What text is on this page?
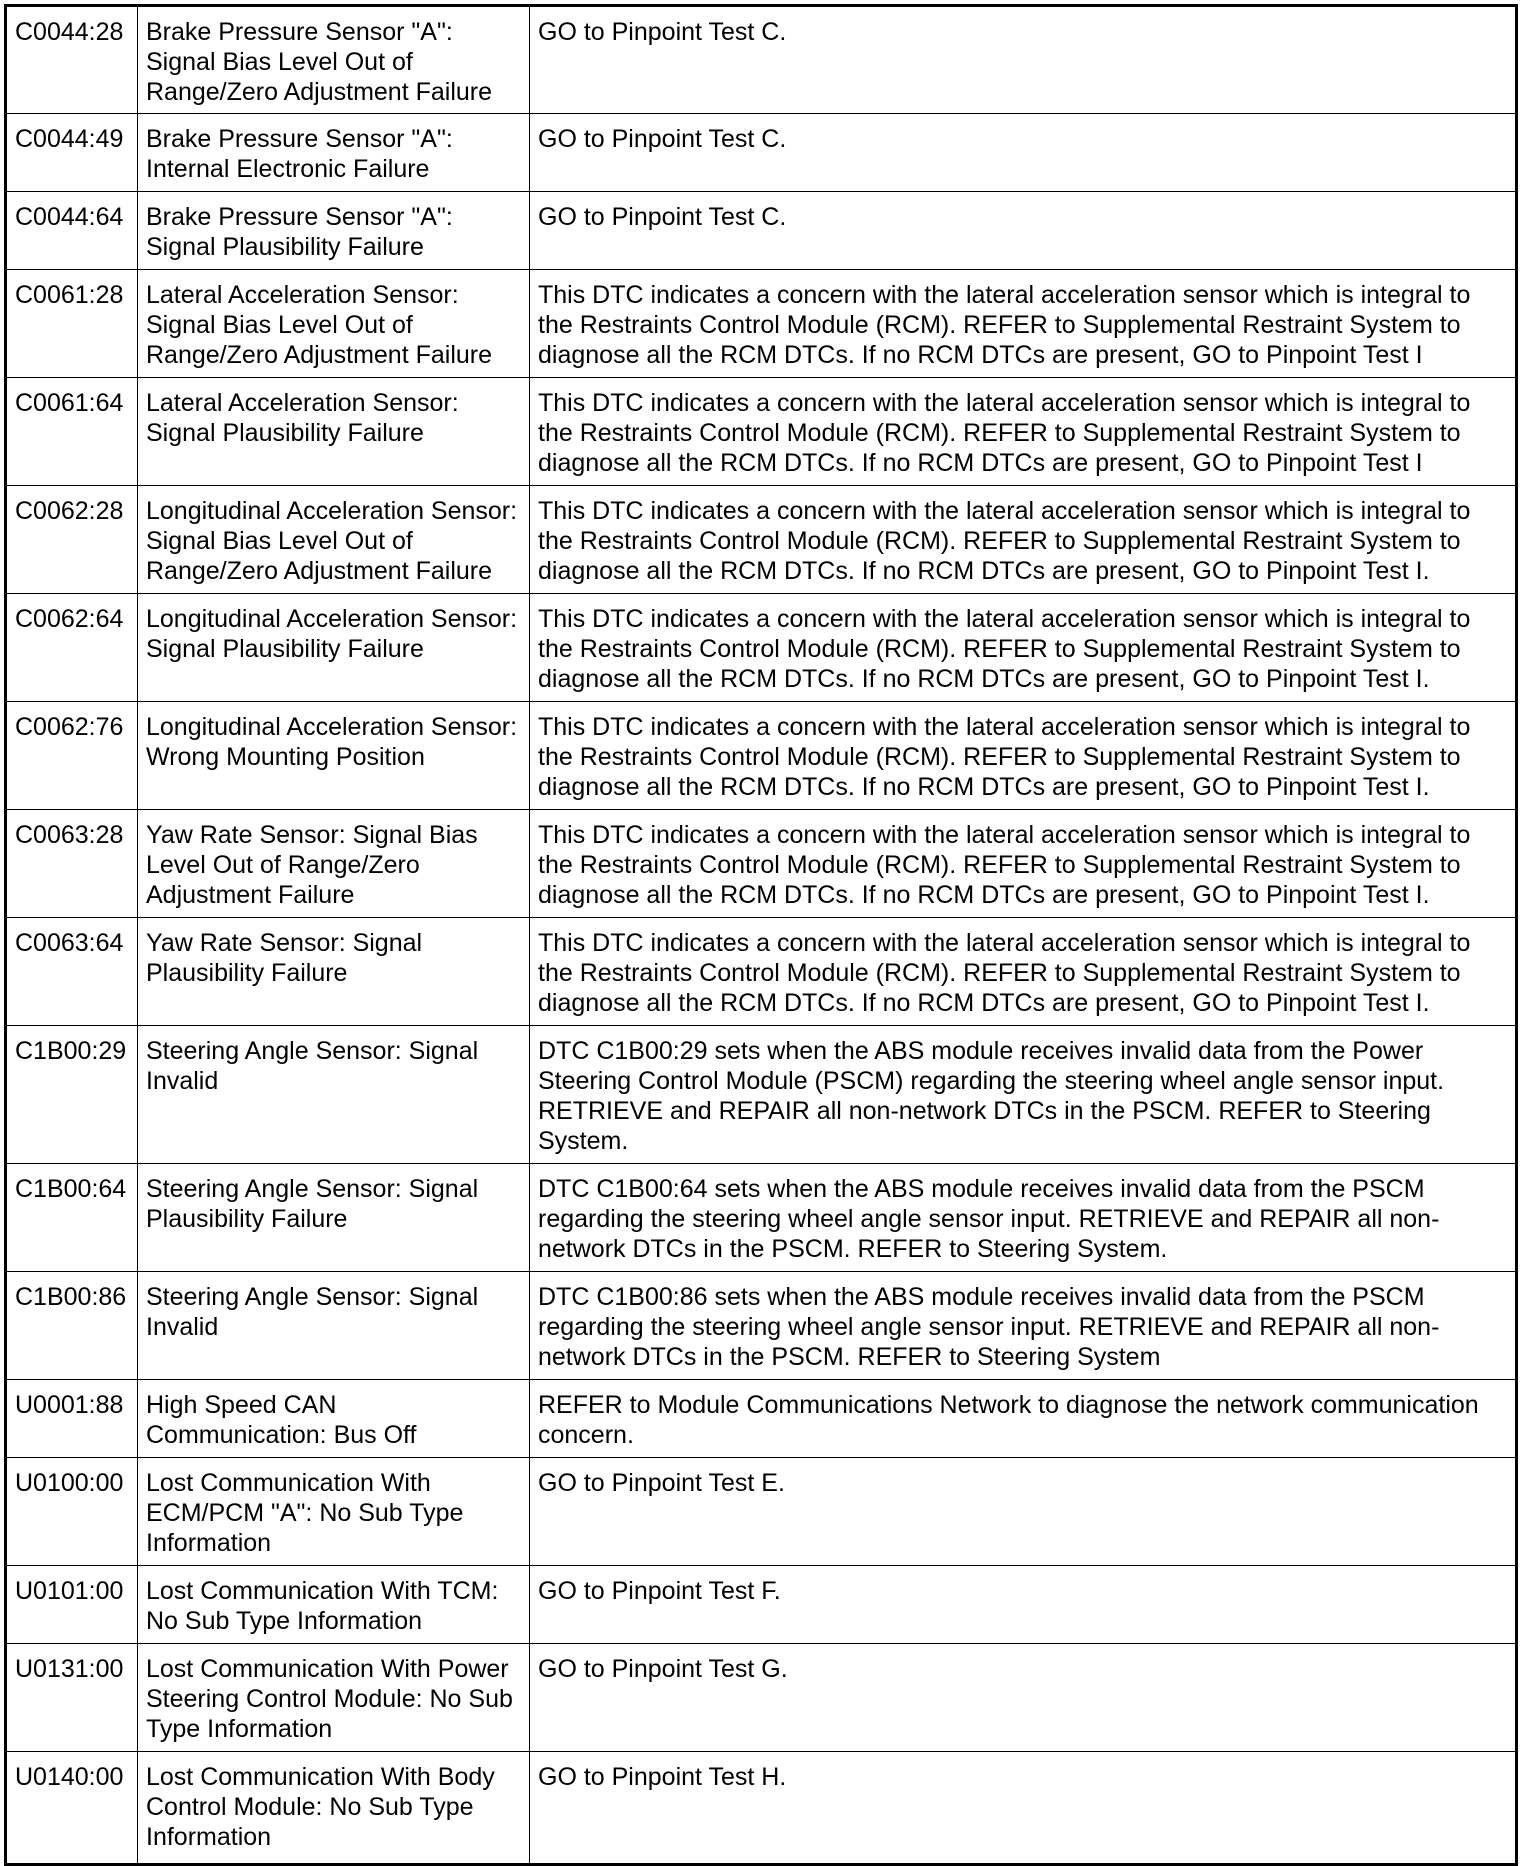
C0044:28	Brake Pressure Sensor "A": Signal Bias Level Out of Range/Zero Adjustment Failure	GO to Pinpoint Test C.
C0044:49	Brake Pressure Sensor "A": Internal Electronic Failure	GO to Pinpoint Test C.
C0044:64	Brake Pressure Sensor "A": Signal Plausibility Failure	GO to Pinpoint Test C.
C0061:28	Lateral Acceleration Sensor: Signal Bias Level Out of Range/Zero Adjustment Failure	This DTC indicates a concern with the lateral acceleration sensor which is integral to the Restraints Control Module (RCM). REFER to Supplemental Restraint System to diagnose all the RCM DTCs. If no RCM DTCs are present, GO to Pinpoint Test I
C0061:64	Lateral Acceleration Sensor: Signal Plausibility Failure	This DTC indicates a concern with the lateral acceleration sensor which is integral to the Restraints Control Module (RCM). REFER to Supplemental Restraint System to diagnose all the RCM DTCs. If no RCM DTCs are present, GO to Pinpoint Test I
C0062:28	Longitudinal Acceleration Sensor: Signal Bias Level Out of Range/Zero Adjustment Failure	This DTC indicates a concern with the lateral acceleration sensor which is integral to the Restraints Control Module (RCM). REFER to Supplemental Restraint System to diagnose all the RCM DTCs. If no RCM DTCs are present, GO to Pinpoint Test I.
C0062:64	Longitudinal Acceleration Sensor: Signal Plausibility Failure	This DTC indicates a concern with the lateral acceleration sensor which is integral to the Restraints Control Module (RCM). REFER to Supplemental Restraint System to diagnose all the RCM DTCs. If no RCM DTCs are present, GO to Pinpoint Test I.
C0062:76	Longitudinal Acceleration Sensor: Wrong Mounting Position	This DTC indicates a concern with the lateral acceleration sensor which is integral to the Restraints Control Module (RCM). REFER to Supplemental Restraint System to diagnose all the RCM DTCs. If no RCM DTCs are present, GO to Pinpoint Test I.
C0063:28	Yaw Rate Sensor: Signal Bias Level Out of Range/Zero Adjustment Failure	This DTC indicates a concern with the lateral acceleration sensor which is integral to the Restraints Control Module (RCM). REFER to Supplemental Restraint System to diagnose all the RCM DTCs. If no RCM DTCs are present, GO to Pinpoint Test I.
C0063:64	Yaw Rate Sensor: Signal Plausibility Failure	This DTC indicates a concern with the lateral acceleration sensor which is integral to the Restraints Control Module (RCM). REFER to Supplemental Restraint System to diagnose all the RCM DTCs. If no RCM DTCs are present, GO to Pinpoint Test I.
C1B00:29	Steering Angle Sensor: Signal Invalid	DTC C1B00:29 sets when the ABS module receives invalid data from the Power Steering Control Module (PSCM) regarding the steering wheel angle sensor input. RETRIEVE and REPAIR all non-network DTCs in the PSCM. REFER to Steering System.
C1B00:64	Steering Angle Sensor: Signal Plausibility Failure	DTC C1B00:64 sets when the ABS module receives invalid data from the PSCM regarding the steering wheel angle sensor input. RETRIEVE and REPAIR all non-network DTCs in the PSCM. REFER to Steering System.
C1B00:86	Steering Angle Sensor: Signal Invalid	DTC C1B00:86 sets when the ABS module receives invalid data from the PSCM regarding the steering wheel angle sensor input. RETRIEVE and REPAIR all non-network DTCs in the PSCM. REFER to Steering System
U0001:88	High Speed CAN Communication: Bus Off	REFER to Module Communications Network to diagnose the network communication concern.
U0100:00	Lost Communication With ECM/PCM "A": No Sub Type Information	GO to Pinpoint Test E.
U0101:00	Lost Communication With TCM: No Sub Type Information	GO to Pinpoint Test F.
U0131:00	Lost Communication With Power Steering Control Module: No Sub Type Information	GO to Pinpoint Test G.
U0140:00	Lost Communication With Body Control Module: No Sub Type Information	GO to Pinpoint Test H.
